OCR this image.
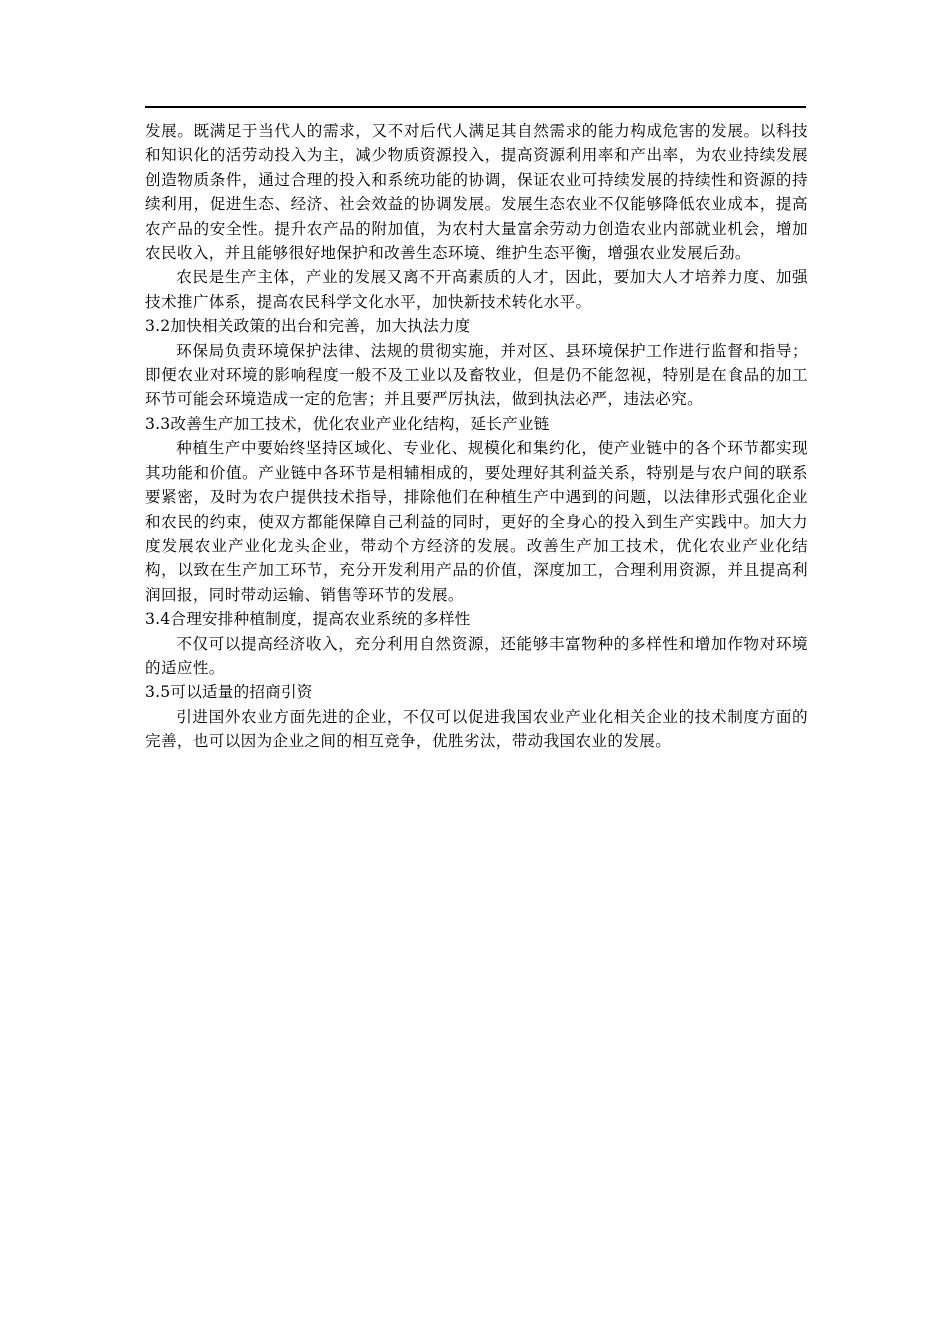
发展。既满足于当代人的需求，又不对后代人满足其自然需求的能力构成危害的发展。以科技和知识化的活劳动投入为主，减少物质资源投入，提高资源利用率和产出率，为农业持续发展创造物质条件，通过合理的投入和系统功能的协调，保证农业可持续发展的持续性和资源的持续利用，促进生态、经济、社会效益的协调发展。发展生态农业不仅能够降低农业成本，提高农产品的安全性。提升农产品的附加值，为农村大量富余劳动力创造农业内部就业机会，增加农民收入，并且能够很好地保护和改善生态环境、维护生态平衡，增强农业发展后劲。

农民是生产主体，产业的发展又离不开高素质的人才，因此，要加大人才培养力度、加强技术推广体系，提高农民科学文化水平，加快新技术转化水平。

3.2加快相关政策的出台和完善，加大执法力度

环保局负责环境保护法律、法规的贯彻实施，并对区、县环境保护工作进行监督和指导；即便农业对环境的影响程度一般不及工业以及畜牧业，但是仍不能忽视，特别是在食品的加工环节可能会环境造成一定的危害；并且要严厉执法，做到执法必严，违法必究。

3.3改善生产加工技术，优化农业产业化结构，延长产业链

种植生产中要始终坚持区域化、专业化、规模化和集约化，使产业链中的各个环节都实现其功能和价值。产业链中各环节是相辅相成的，要处理好其利益关系，特别是与农户间的联系要紧密，及时为农户提供技术指导，排除他们在种植生产中遇到的问题，以法律形式强化企业和农民的约束，使双方都能保障自己利益的同时，更好的全身心的投入到生产实践中。加大力度发展农业产业化龙头企业，带动个方经济的发展。改善生产加工技术，优化农业产业化结构，以致在生产加工环节，充分开发利用产品的价值，深度加工，合理利用资源，并且提高利润回报，同时带动运输、销售等环节的发展。

3.4合理安排种植制度，提高农业系统的多样性

不仅可以提高经济收入，充分利用自然资源，还能够丰富物种的多样性和增加作物对环境的适应性。

3.5可以适量的招商引资

引进国外农业方面先进的企业，不仅可以促进我国农业产业化相关企业的技术制度方面的完善，也可以因为企业之间的相互竞争，优胜劣汰，带动我国农业的发展。
